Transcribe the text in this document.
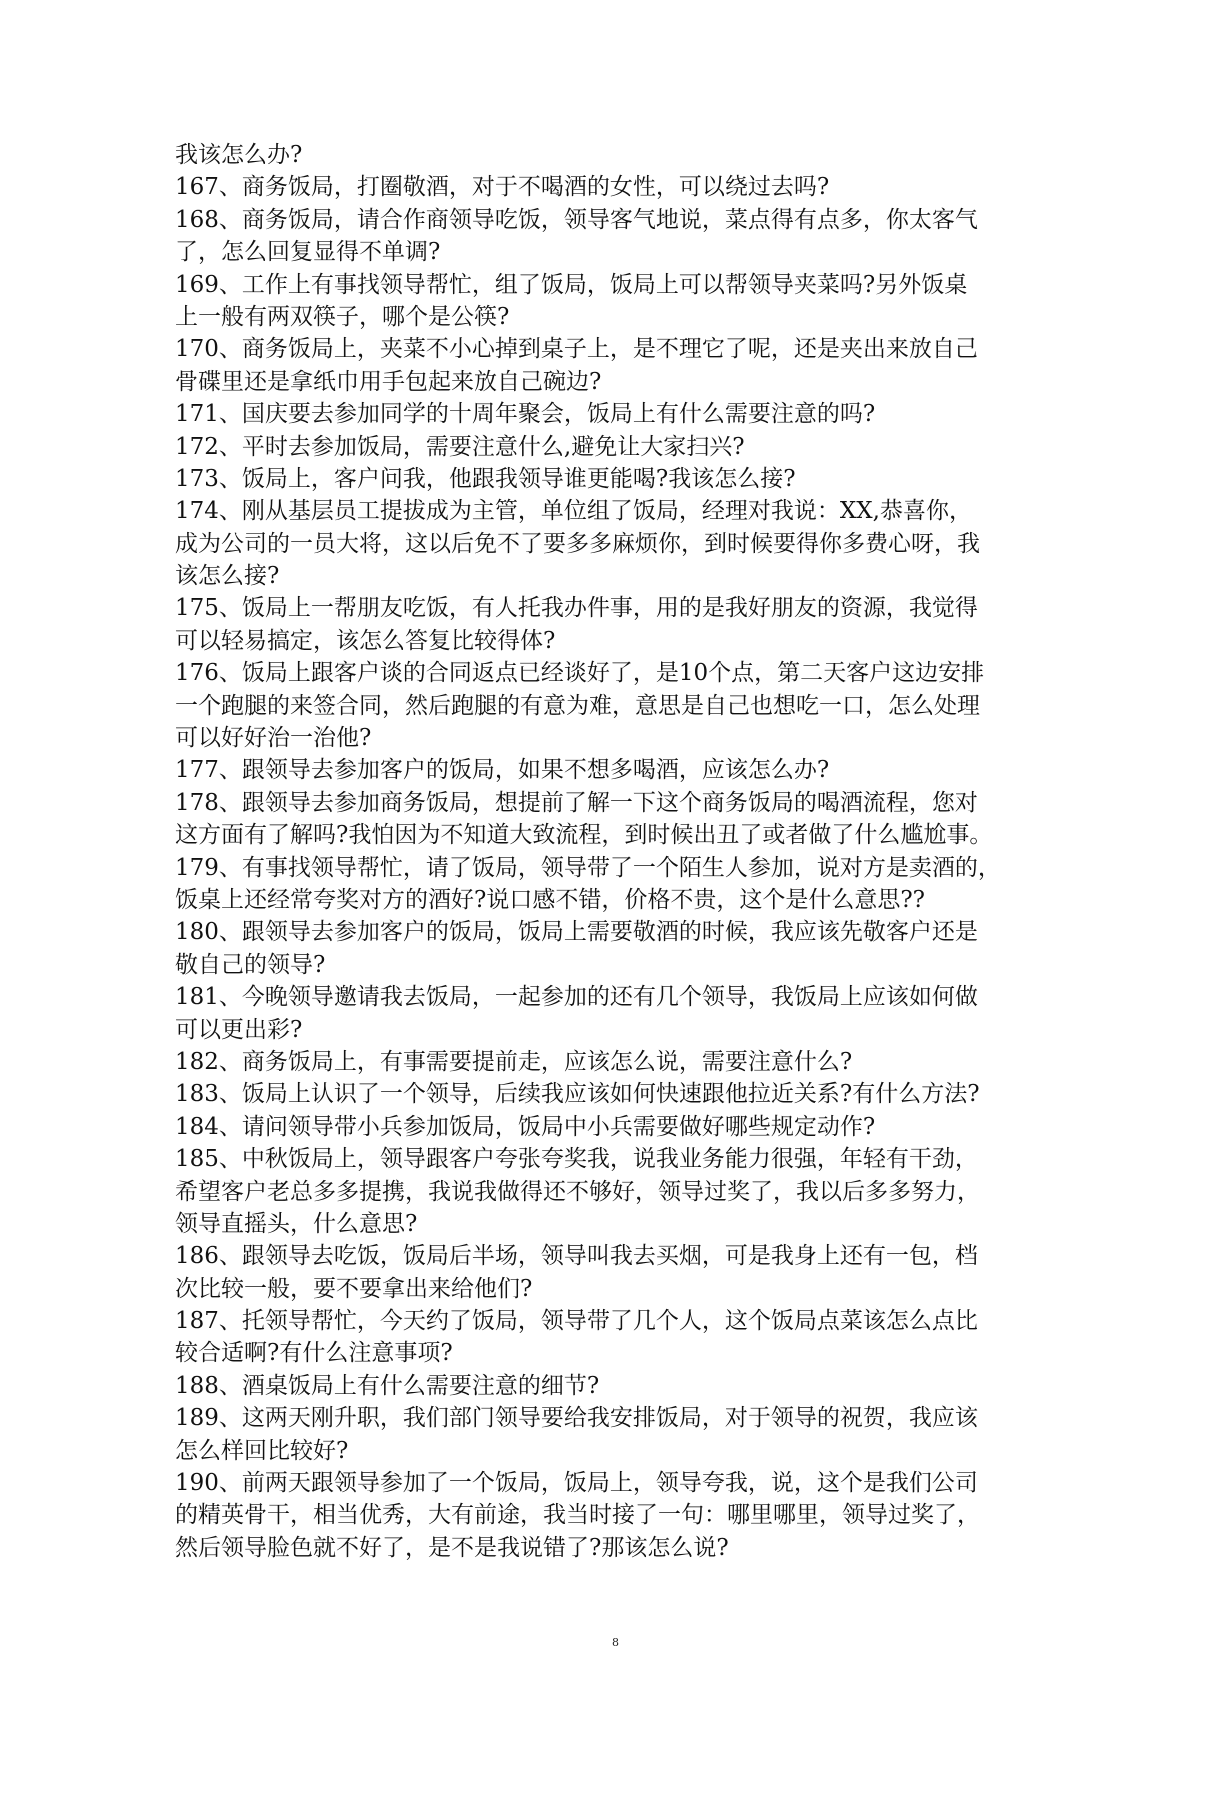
我该怎么办?
167、商务饭局，打圈敬酒，对于不喝酒的女性，可以绕过去吗?
168、商务饭局，请合作商领导吃饭，领导客气地说，菜点得有点多，你太客气
了，怎么回复显得不单调?
169、工作上有事找领导帮忙，组了饭局，饭局上可以帮领导夹菜吗?另外饭桌
上一般有两双筷子，哪个是公筷?
170、商务饭局上，夹菜不小心掉到桌子上，是不理它了呢，还是夹出来放自己
骨碟里还是拿纸巾用手包起来放自己碗边?
171、国庆要去参加同学的十周年聚会，饭局上有什么需要注意的吗?
172、平时去参加饭局，需要注意什么,避免让大家扫兴?
173、饭局上，客户问我，他跟我领导谁更能喝?我该怎么接?
174、刚从基层员工提拔成为主管，单位组了饭局，经理对我说：XX,恭喜你，
成为公司的一员大将，这以后免不了要多多麻烦你，到时候要得你多费心呀，我
该怎么接?
175、饭局上一帮朋友吃饭，有人托我办件事，用的是我好朋友的资源，我觉得
可以轻易搞定，该怎么答复比较得体?
176、饭局上跟客户谈的合同返点已经谈好了，是10个点，第二天客户这边安排
一个跑腿的来签合同，然后跑腿的有意为难，意思是自己也想吃一口，怎么处理
可以好好治一治他?
177、跟领导去参加客户的饭局，如果不想多喝酒，应该怎么办?
178、跟领导去参加商务饭局，想提前了解一下这个商务饭局的喝酒流程，您对
这方面有了解吗?我怕因为不知道大致流程，到时候出丑了或者做了什么尴尬事。
179、有事找领导帮忙，请了饭局，领导带了一个陌生人参加，说对方是卖酒的，
饭桌上还经常夸奖对方的酒好?说口感不错，价格不贵，这个是什么意思??
180、跟领导去参加客户的饭局，饭局上需要敬酒的时候，我应该先敬客户还是
敬自己的领导?
181、今晚领导邀请我去饭局，一起参加的还有几个领导，我饭局上应该如何做
可以更出彩?
182、商务饭局上，有事需要提前走，应该怎么说，需要注意什么?
183、饭局上认识了一个领导，后续我应该如何快速跟他拉近关系?有什么方法?
184、请问领导带小兵参加饭局，饭局中小兵需要做好哪些规定动作?
185、中秋饭局上，领导跟客户夸张夸奖我，说我业务能力很强，年轻有干劲，
希望客户老总多多提携，我说我做得还不够好，领导过奖了，我以后多多努力，
领导直摇头，什么意思?
186、跟领导去吃饭，饭局后半场，领导叫我去买烟，可是我身上还有一包，档
次比较一般，要不要拿出来给他们?
187、托领导帮忙，今天约了饭局，领导带了几个人，这个饭局点菜该怎么点比
较合适啊?有什么注意事项?
188、酒桌饭局上有什么需要注意的细节?
189、这两天刚升职，我们部门领导要给我安排饭局，对于领导的祝贺，我应该
怎么样回比较好?
190、前两天跟领导参加了一个饭局，饭局上，领导夸我，说，这个是我们公司
的精英骨干，相当优秀，大有前途，我当时接了一句：哪里哪里，领导过奖了，
然后领导脸色就不好了，是不是我说错了?那该怎么说?
8
